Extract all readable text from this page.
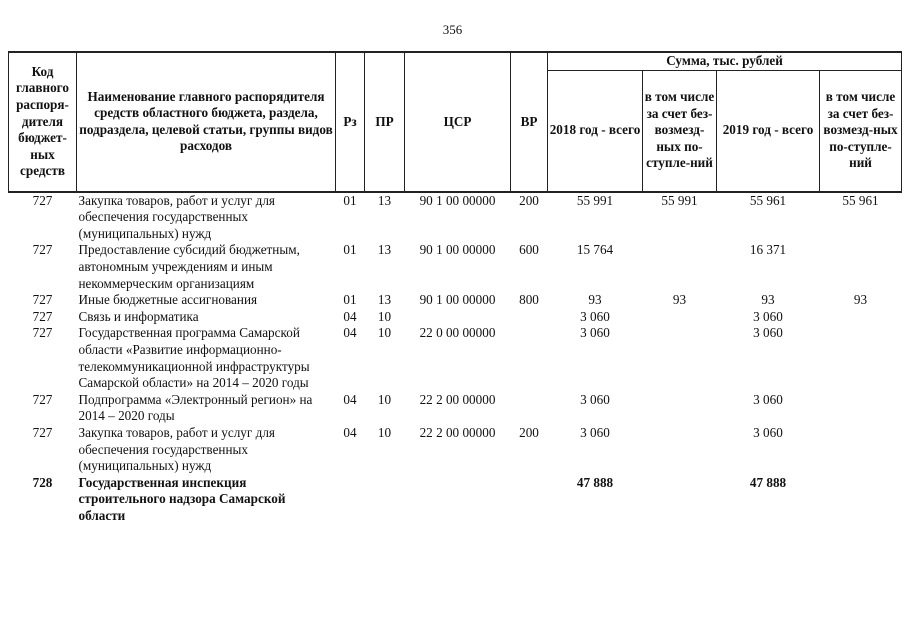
356
Код главного распоря-дителя бюджет-ных средств	Наименование главного распорядителя средств областного бюджета, раздела, подраздела, целевой статьи, группы видов расходов	Рз	ПР	ЦСР	ВР	Сумма, тыс. рублей			
						2018 год - всего	в том числе за счет без-возмезд-ных по-ступле-ний	2019 год - всего	в том числе за счет без-возмезд-ных по-ступле-ний
727	Закупка товаров, работ и услуг для обеспечения государственных (муниципальных) нужд	01	13	90 1 00 00000	200	55 991	55 991	55 961	55 961
727	Предоставление субсидий бюджетным, автономным учреждениям и иным некоммерческим организациям	01	13	90 1 00 00000	600	15 764		16 371	
727	Иные бюджетные ассигнования	01	13	90 1 00 00000	800	93	93	93	93
727	Связь и информатика	04	10			3 060		3 060	
727	Государственная программа Самарской области «Развитие информационно-телекоммуникационной инфраструктуры Самарской области» на 2014 – 2020 годы	04	10	22 0 00 00000		3 060		3 060	
727	Подпрограмма «Электронный регион» на 2014 – 2020 годы	04	10	22 2 00 00000		3 060		3 060	
727	Закупка товаров, работ и услуг для обеспечения государственных (муниципальных) нужд	04	10	22 2 00 00000	200	3 060		3 060	
728	Государственная инспекция строительного надзора Самарской области					47 888		47 888	
